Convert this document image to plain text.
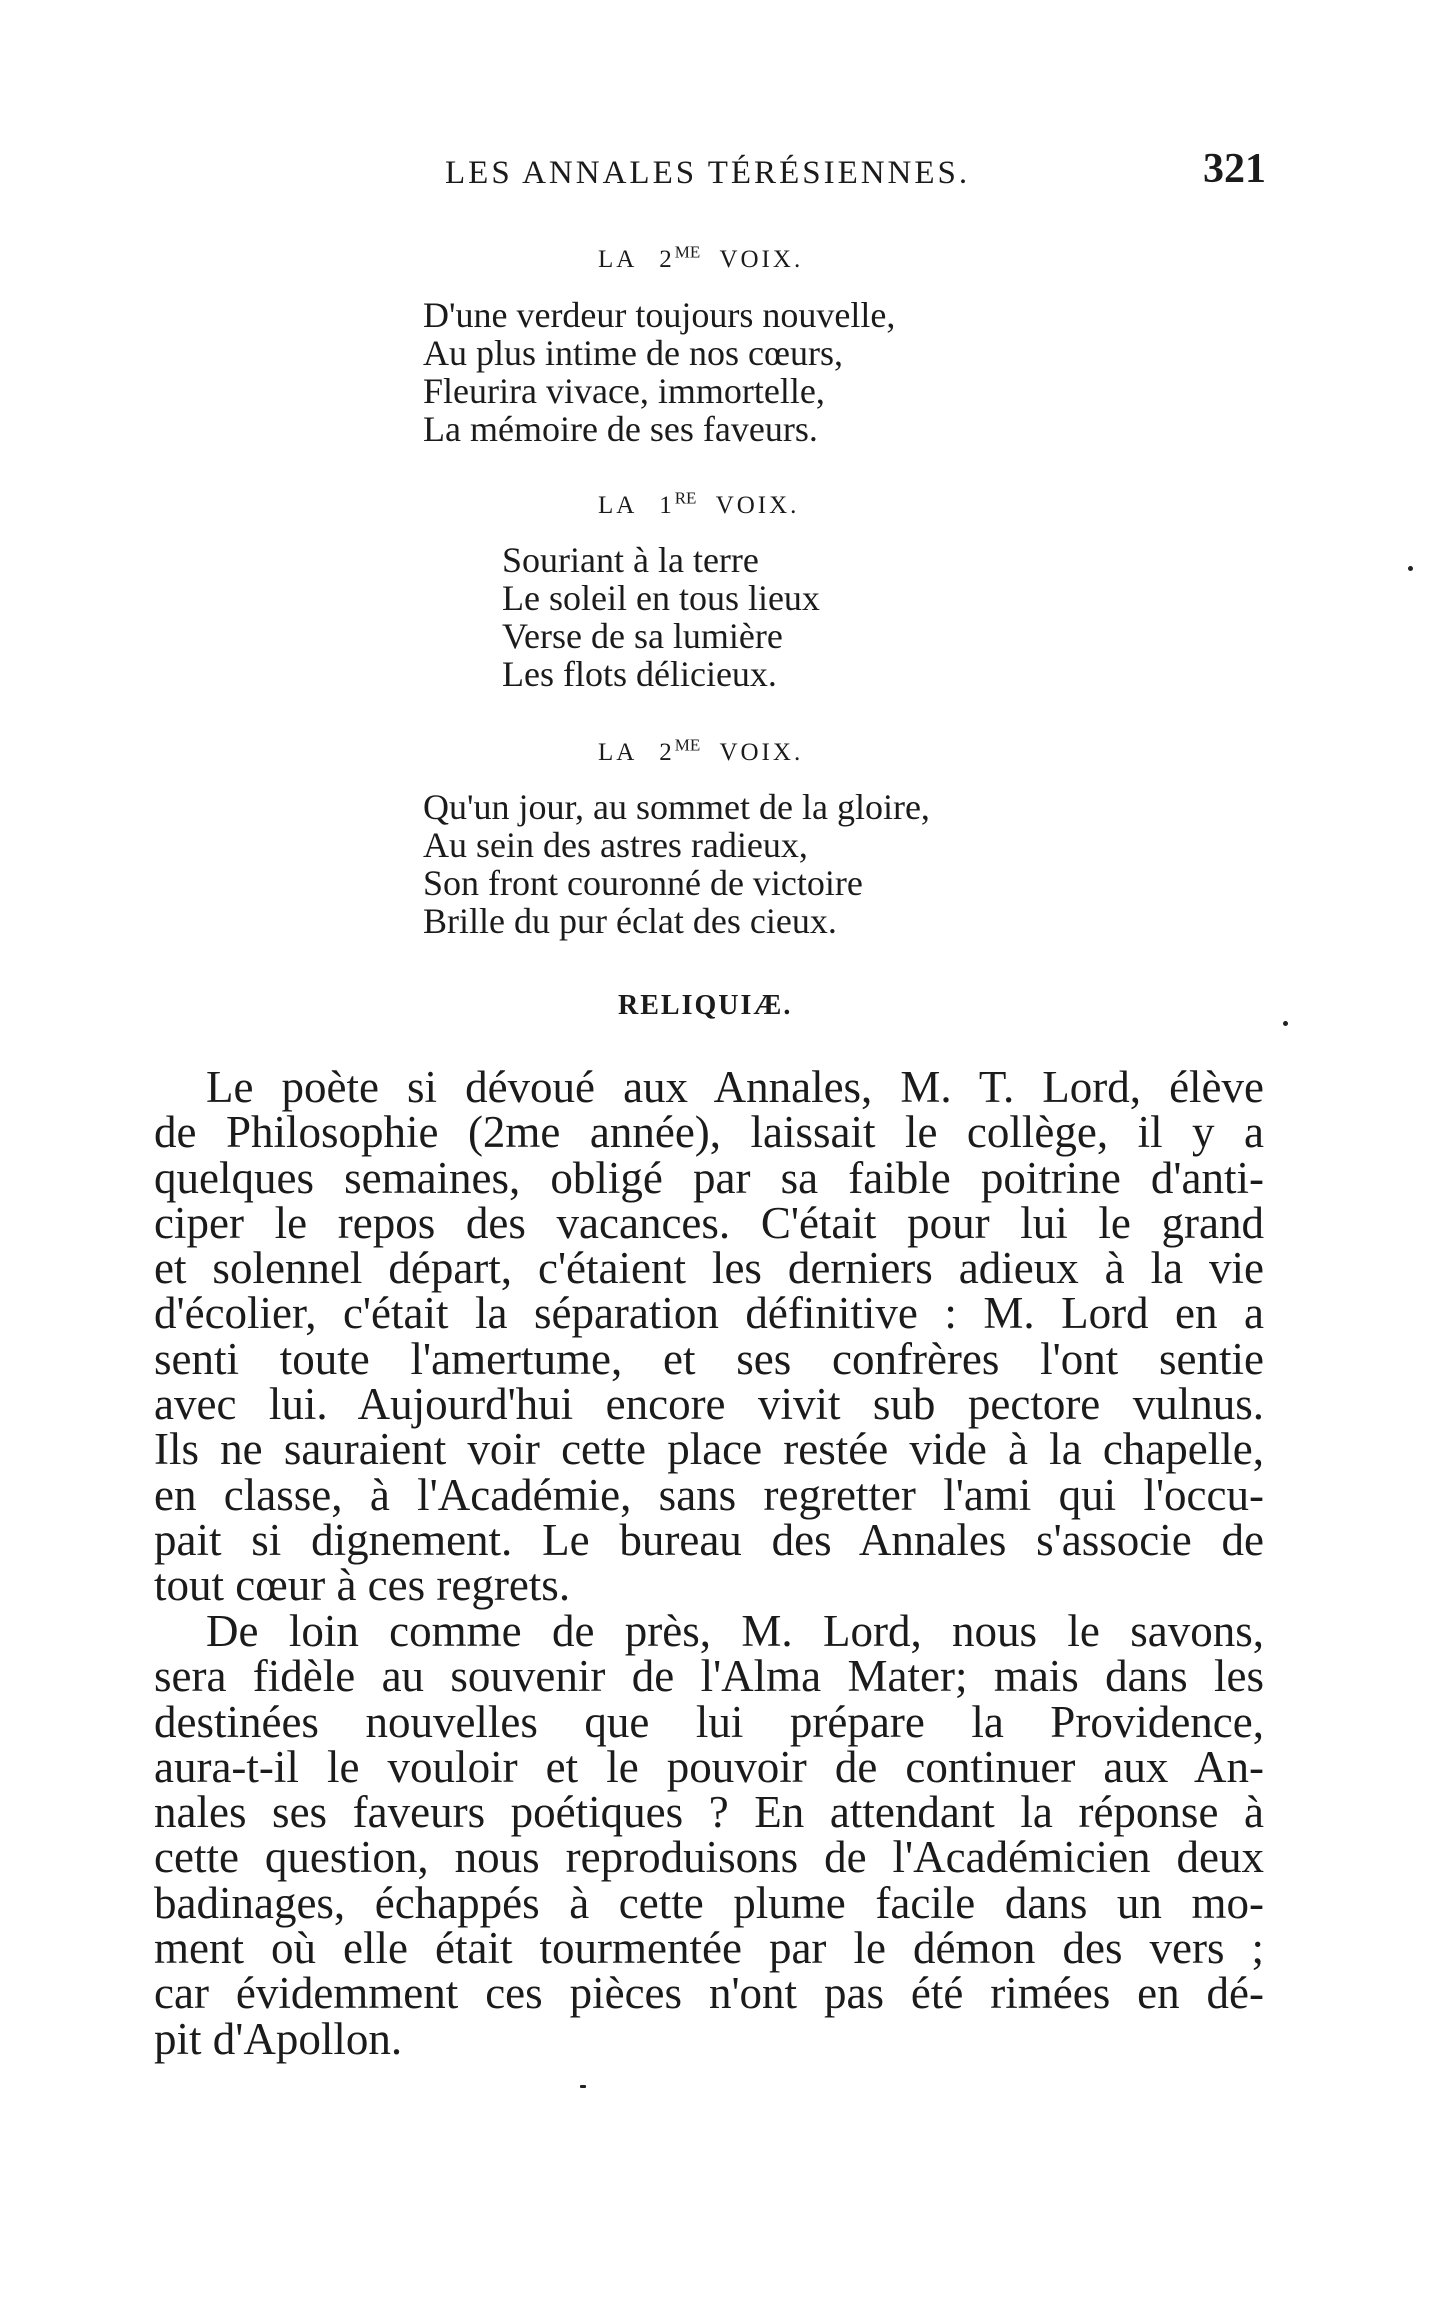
LES ANNALES TÉRÉSIENNES.	321
LA $2^{ME}$ VOIX.
D'une verdeur toujours nouvelle,
Au plus intime de nos cœurs,
Fleurira vivace, immortelle,
La mémoire de ses faveurs.
LA 1RE VOIX.
Souriant à la terre
Le soleil en tous lieux
Verse de sa lumière
Les flots délicieux.
LA $2^{ME}$ VOIX.
Qu'un jour, au sommet de la gloire,
Au sein des astres radieux,
Son front couronné de victoire
Brille du pur éclat des cieux.
RELIQUIÆ.
Le poète si dévoué aux Annales, M. T. Lord, élève
de Philosophie (2me année), laissait le collège, il y a
quelques semaines, obligé par sa faible poitrine d'anti-
ciper le repos des vacances. C'était pour lui le grand
et solennel départ, c'étaient les derniers adieux à la vie
d'écolier, c'était la séparation définitive : M. Lord en a
senti toute l'amertume, et ses confrères l'ont sentie
avec lui. Aujourd'hui encore vivit sub pectore vulnus.
Ils ne sauraient voir cette place restée vide à la chapelle,
en classe, à l'Académie, sans regretter l'ami qui l'occu-
pait si dignement. Le bureau des Annales s'associe de
tout cœur à ces regrets.
De loin comme de près, M. Lord, nous le savons,
sera fidèle au souvenir de l'Alma Mater; mais dans les
destinées nouvelles que lui prépare la Providence,
aura-t-il le vouloir et le pouvoir de continuer aux An-
nales ses faveurs poétiques ? En attendant la réponse à
cette question, nous reproduisons de l'Académicien deux
badinages, échappés à cette plume facile dans un mo-
ment où elle était tourmentée par le démon des vers ;
car évidemment ces pièces n'ont pas été rimées en dé-
pit d'Apollon.
